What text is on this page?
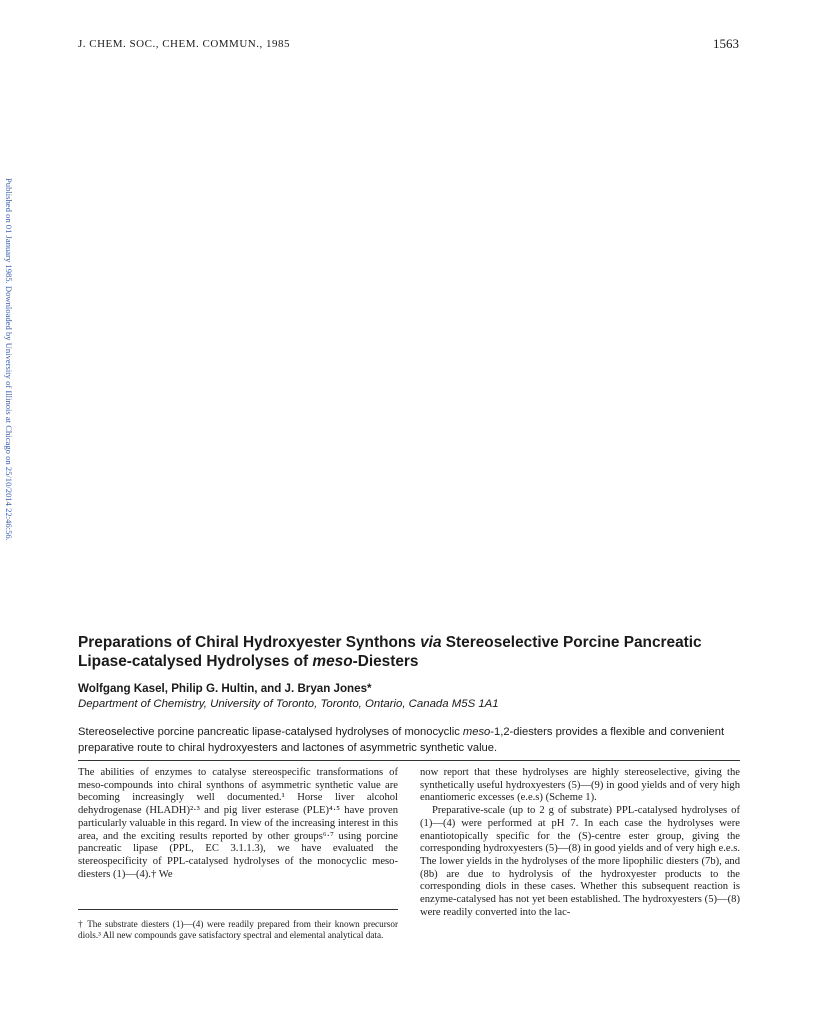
J. CHEM. SOC., CHEM. COMMUN., 1985	1563
Published on 01 January 1985. Downloaded by University of Illinois at Chicago on 25/10/2014 22:46:56.
Preparations of Chiral Hydroxyester Synthons via Stereoselective Porcine Pancreatic Lipase-catalysed Hydrolyses of meso-Diesters
Wolfgang Kasel, Philip G. Hultin, and J. Bryan Jones*
Department of Chemistry, University of Toronto, Toronto, Ontario, Canada M5S 1A1
Stereoselective porcine pancreatic lipase-catalysed hydrolyses of monocyclic meso-1,2-diesters provides a flexible and convenient preparative route to chiral hydroxyesters and lactones of asymmetric synthetic value.

The abilities of enzymes to catalyse stereospecific transformations of meso-compounds into chiral synthons of asymmetric synthetic value are becoming increasingly well documented.¹ Horse liver alcohol dehydrogenase (HLADH)²·³ and pig liver esterase (PLE)⁴·⁵ have proven particularly valuable in this regard. In view of the increasing interest in this area, and the exciting results reported by other groups⁶·⁷ using porcine pancreatic lipase (PPL, EC 3.1.1.3), we have evaluated the stereospecificity of PPL-catalysed hydrolyses of the monocyclic meso-diesters (1)—(4).† We

now report that these hydrolyses are highly stereoselective, giving the synthetically useful hydroxyesters (5)—(9) in good yields and of very high enantiomeric excesses (e.e.s) (Scheme 1).

Preparative-scale (up to 2 g of substrate) PPL-catalysed hydrolyses of (1)—(4) were performed at pH 7. In each case the hydrolyses were enantiotopically specific for the (S)-centre ester group, giving the corresponding hydroxyesters (5)—(8) in good yields and of very high e.e.s. The lower yields in the hydrolyses of the more lipophilic diesters (7b), and (8b) are due to hydrolysis of the hydroxyester products to the corresponding diols in these cases. Whether this subsequent reaction is enzyme-catalysed has not yet been established. The hydroxyesters (5)—(8) were readily converted into the lac-

† The substrate diesters (1)—(4) were readily prepared from their known precursor diols.³ All new compounds gave satisfactory spectral and elemental analytical data.
